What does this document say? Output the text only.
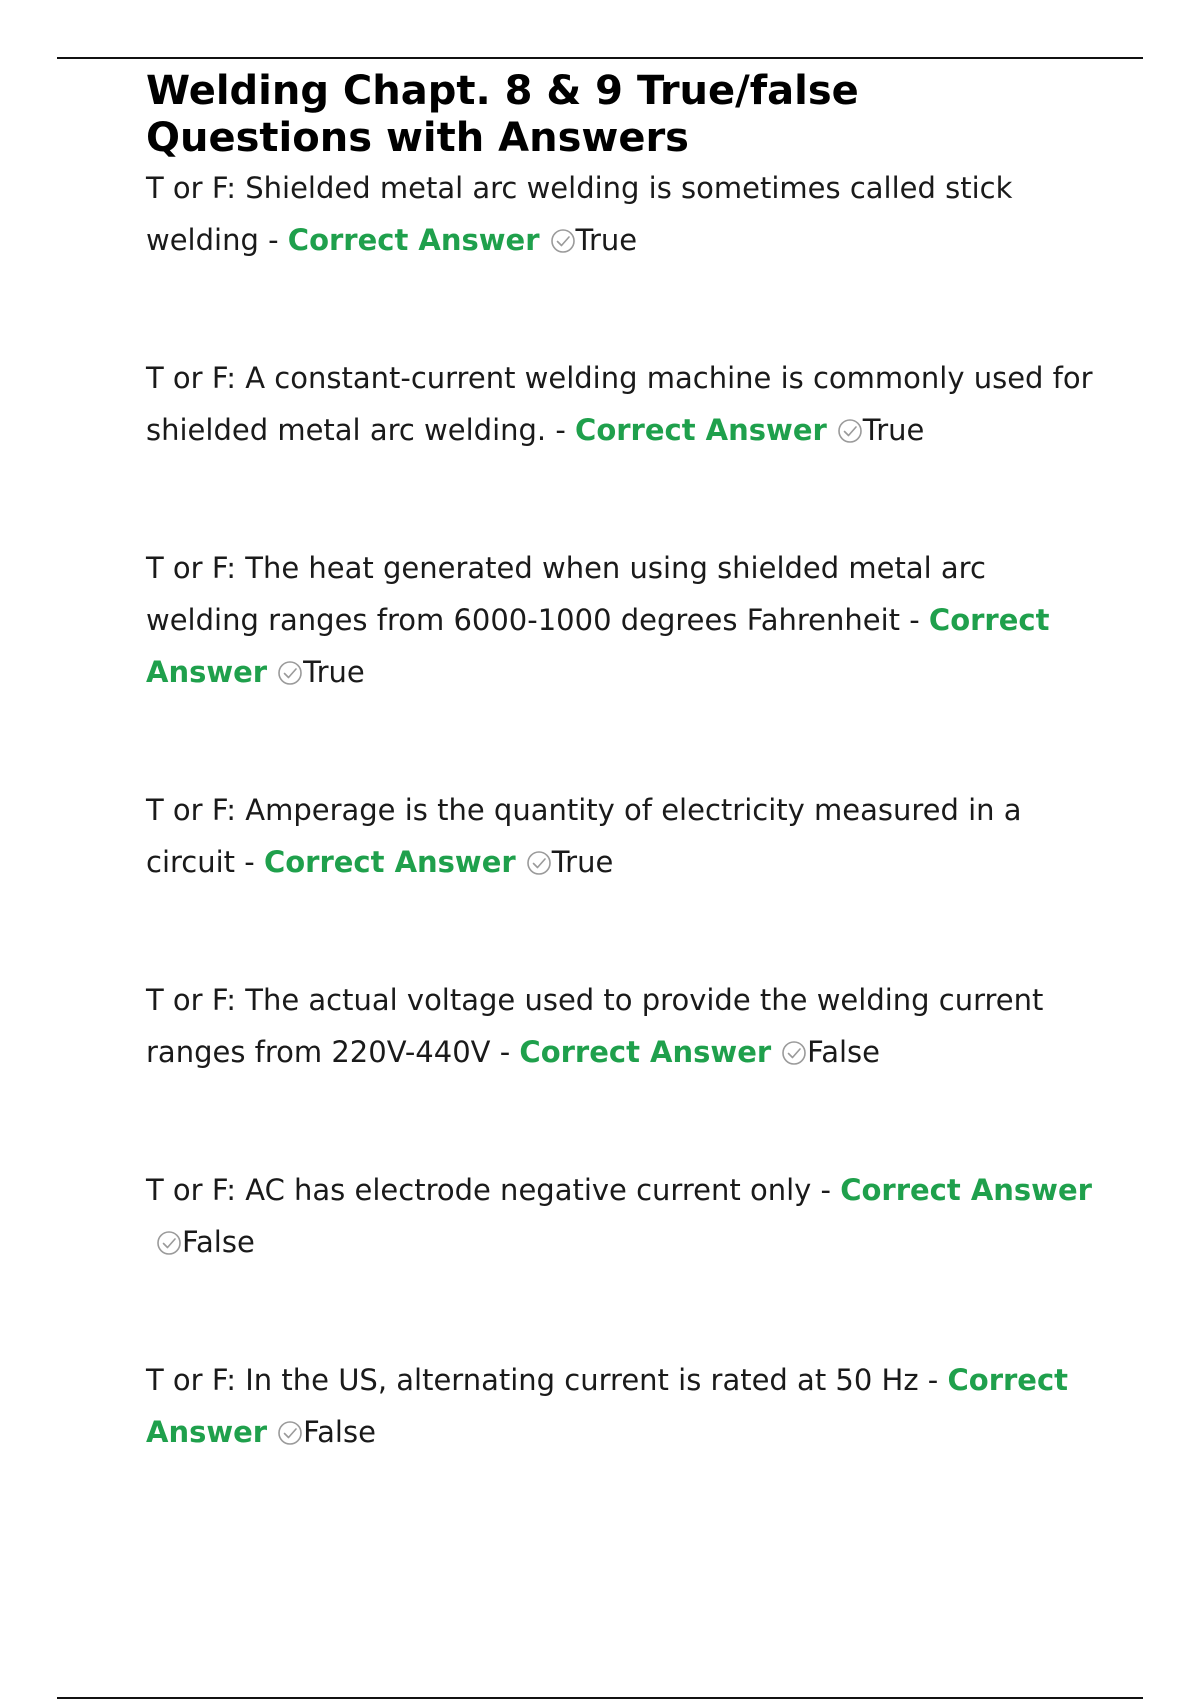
Welding Chapt. 8 & 9 True/false
Questions with Answers
T or F: Shielded metal arc welding is sometimes called stick welding - Correct Answer True
T or F: A constant-current welding machine is commonly used for shielded metal arc welding. - Correct Answer True
T or F: The heat generated when using shielded metal arc welding ranges from 6000-1000 degrees Fahrenheit - Correct Answer True
T or F: Amperage is the quantity of electricity measured in a circuit - Correct Answer True
T or F: The actual voltage used to provide the welding current ranges from 220V-440V - Correct Answer False
T or F: AC has electrode negative current only - Correct Answer
False
T or F: In the US, alternating current is rated at 50 Hz - Correct Answer False
